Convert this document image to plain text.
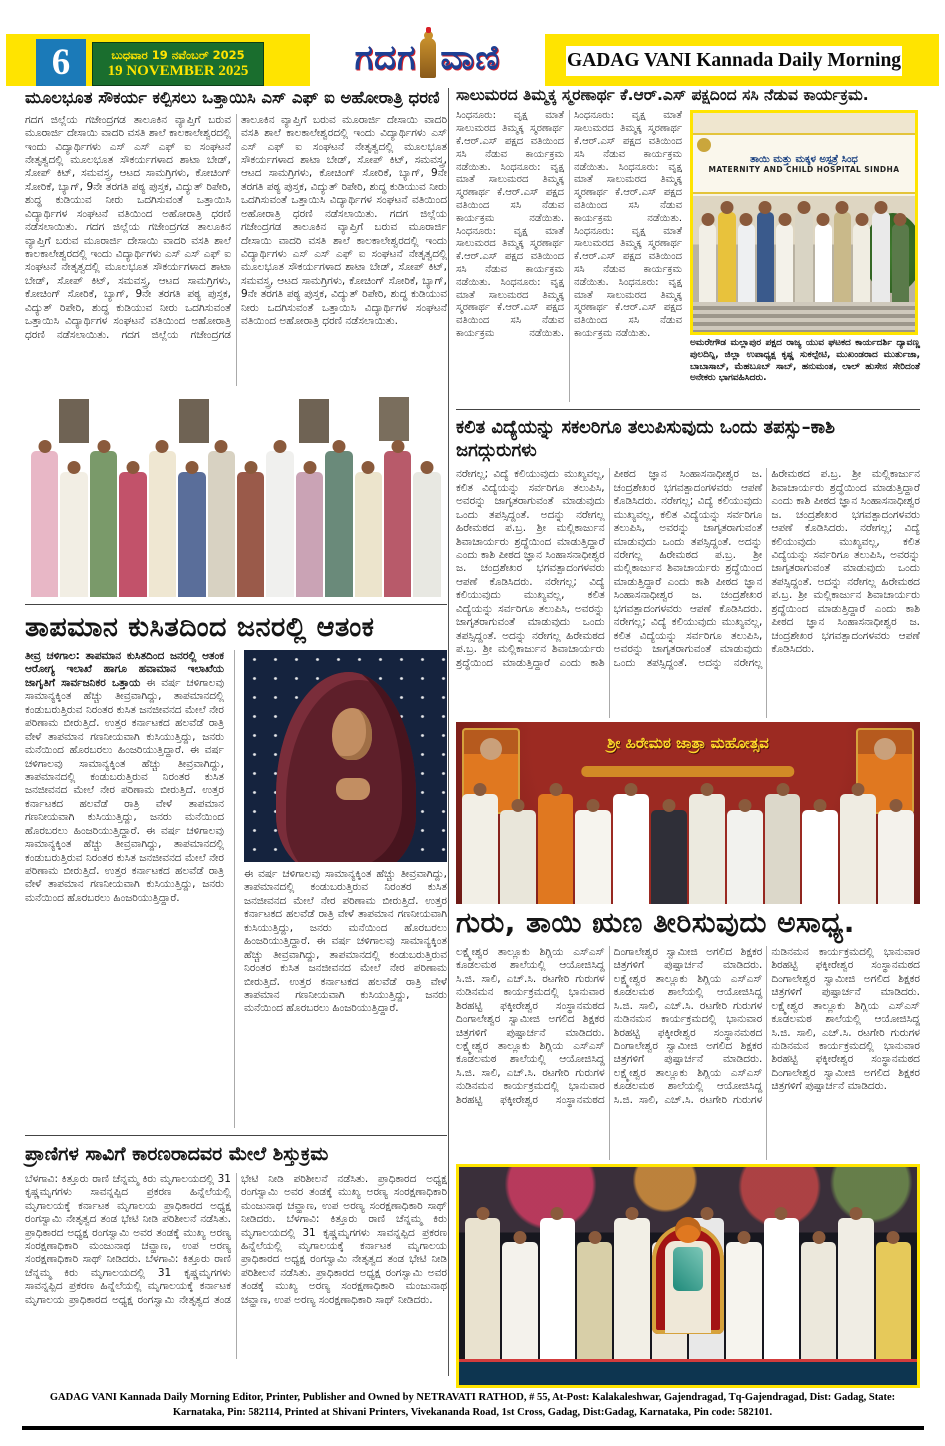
6	ಬುಧವಾರ 19 ನವೆಂಬರ್ 2025
19 NOVEMBER 2025	ಗದಗ ವಾಣಿ	GADAG VANI Kannada Daily Morning
ಮೂಲಭೂತ ಸೌಕರ್ಯ ಕಲ್ಪಿಸಲು ಒತ್ತಾಯಿಸಿ ಎಸ್ ಎಫ್ ಐ ಅಹೋರಾತ್ರಿ ಧರಣಿ
ಗದಗ ಜಿಲ್ಲೆಯ ಗಜೇಂದ್ರಗಡ ತಾಲೂಕಿನ ವ್ಯಾಪ್ತಿಗೆ ಬರುವ ಮೂರಾರ್ಜಿ ದೇಸಾಯಿ ವಾದರಿ ವಸತಿ ಶಾಲೆ ಕಾಲಕಾಲೇಶ್ವರದಲ್ಲಿ ಇಂದು ವಿದ್ಯಾರ್ಥಿಗಳು ಎಸ್ ಎಸ್ ಎಫ್ ಐ ಸಂಘಟನೆ ನೇತೃತ್ವದಲ್ಲಿ ಮೂಲಭೂತ ಸೌಕರ್ಯಗಳಾದ ಶಾಟಾ ಬೇಡ್, ಸೋಪ್ ಕಿಟ್, ಸಮವಸ್ತ್ರ, ಆಟದ ಸಾಮಗ್ರಿಗಳು, ಕೋಚಿಂಗ್ ಸೋರಿಕೆ, ಬ್ಯಾಗ್, 9ನೇ ತರಗತಿ ಪಠ್ಯ ಪುಸ್ತಕ, ವಿದ್ಯುತ್ ರಿಪೇರಿ, ಶುದ್ಧ ಕುಡಿಯುವ ನೀರು ಒದಗಿಸುವಂತೆ ಒತ್ತಾಯಿಸಿ ವಿದ್ಯಾರ್ಥಿಗಳ ಸಂಘಟನೆ ವತಿಯಿಂದ ಅಹೋರಾತ್ರಿ ಧರಣಿ ನಡೆಸಲಾಯಿತು. ಗದಗ ಜಿಲ್ಲೆಯ ಗಜೇಂದ್ರಗಡ ತಾಲೂಕಿನ ವ್ಯಾಪ್ತಿಗೆ ಬರುವ ಮೂರಾರ್ಜಿ ದೇಸಾಯಿ ವಾದರಿ ವಸತಿ ಶಾಲೆ ಕಾಲಕಾಲೇಶ್ವರದಲ್ಲಿ ಇಂದು ವಿದ್ಯಾರ್ಥಿಗಳು ಎಸ್ ಎಸ್ ಎಫ್ ಐ ಸಂಘಟನೆ ನೇತೃತ್ವದಲ್ಲಿ ಮೂಲಭೂತ ಸೌಕರ್ಯಗಳಾದ ಶಾಟಾ ಬೇಡ್, ಸೋಪ್ ಕಿಟ್, ಸಮವಸ್ತ್ರ, ಆಟದ ಸಾಮಗ್ರಿಗಳು, ಕೋಚಿಂಗ್ ಸೋರಿಕೆ, ಬ್ಯಾಗ್, 9ನೇ ತರಗತಿ ಪಠ್ಯ ಪುಸ್ತಕ, ವಿದ್ಯುತ್ ರಿಪೇರಿ, ಶುದ್ಧ ಕುಡಿಯುವ ನೀರು ಒದಗಿಸುವಂತೆ ಒತ್ತಾಯಿಸಿ ವಿದ್ಯಾರ್ಥಿಗಳ ಸಂಘಟನೆ ವತಿಯಿಂದ ಅಹೋರಾತ್ರಿ ಧರಣಿ ನಡೆಸಲಾಯಿತು. ಗದಗ ಜಿಲ್ಲೆಯ ಗಜೇಂದ್ರಗಡ ತಾಲೂಕಿನ ವ್ಯಾಪ್ತಿಗೆ ಬರುವ ಮೂರಾರ್ಜಿ ದೇಸಾಯಿ ವಾದರಿ ವಸತಿ ಶಾಲೆ ಕಾಲಕಾಲೇಶ್ವರದಲ್ಲಿ ಇಂದು ವಿದ್ಯಾರ್ಥಿಗಳು ಎಸ್ ಎಸ್ ಎಫ್ ಐ ಸಂಘಟನೆ ನೇತೃತ್ವದಲ್ಲಿ ಮೂಲಭೂತ ಸೌಕರ್ಯಗಳಾದ ಶಾಟಾ ಬೇಡ್, ಸೋಪ್ ಕಿಟ್, ಸಮವಸ್ತ್ರ, ಆಟದ ಸಾಮಗ್ರಿಗಳು, ಕೋಚಿಂಗ್ ಸೋರಿಕೆ, ಬ್ಯಾಗ್, 9ನೇ ತರಗತಿ ಪಠ್ಯ ಪುಸ್ತಕ, ವಿದ್ಯುತ್ ರಿಪೇರಿ, ಶುದ್ಧ ಕುಡಿಯುವ ನೀರು ಒದಗಿಸುವಂತೆ ಒತ್ತಾಯಿಸಿ ವಿದ್ಯಾರ್ಥಿಗಳ ಸಂಘಟನೆ ವತಿಯಿಂದ ಅಹೋರಾತ್ರಿ ಧರಣಿ ನಡೆಸಲಾಯಿತು. ಗದಗ ಜಿಲ್ಲೆಯ ಗಜೇಂದ್ರಗಡ ತಾಲೂಕಿನ ವ್ಯಾಪ್ತಿಗೆ ಬರುವ ಮೂರಾರ್ಜಿ ದೇಸಾಯಿ ವಾದರಿ ವಸತಿ ಶಾಲೆ ಕಾಲಕಾಲೇಶ್ವರದಲ್ಲಿ ಇಂದು ವಿದ್ಯಾರ್ಥಿಗಳು ಎಸ್ ಎಸ್ ಎಫ್ ಐ ಸಂಘಟನೆ ನೇತೃತ್ವದಲ್ಲಿ ಮೂಲಭೂತ ಸೌಕರ್ಯಗಳಾದ ಶಾಟಾ ಬೇಡ್, ಸೋಪ್ ಕಿಟ್, ಸಮವಸ್ತ್ರ, ಆಟದ ಸಾಮಗ್ರಿಗಳು, ಕೋಚಿಂಗ್ ಸೋರಿಕೆ, ಬ್ಯಾಗ್, 9ನೇ ತರಗತಿ ಪಠ್ಯ ಪುಸ್ತಕ, ವಿದ್ಯುತ್ ರಿಪೇರಿ, ಶುದ್ಧ ಕುಡಿಯುವ ನೀರು ಒದಗಿಸುವಂತೆ ಒತ್ತಾಯಿಸಿ ವಿದ್ಯಾರ್ಥಿಗಳ ಸಂಘಟನೆ ವತಿಯಿಂದ ಅಹೋರಾತ್ರಿ ಧರಣಿ ನಡೆಸಲಾಯಿತು.
ತಾಪಮಾನ ಕುಸಿತದಿಂದ ಜನರಲ್ಲಿ ಆತಂಕ
ತೀವ್ರ ಚಳಿಗಾಲ: ತಾಪಮಾನ ಕುಸಿತದಿಂದ ಜನರಲ್ಲಿ ಆತಂಕ ಆರೋಗ್ಯ ಇಲಾಖೆ ಹಾಗೂ ಹವಾಮಾನ ಇಲಾಖೆಯ ಜಾಗೃತಿಗೆ ಸಾರ್ವಜನಿಕರ ಒತ್ತಾಯ ಈ ವರ್ಷ ಚಳಿಗಾಲವು ಸಾಮಾನ್ಯಕ್ಕಿಂತ ಹೆಚ್ಚು ತೀವ್ರವಾಗಿದ್ದು, ತಾಪಮಾನದಲ್ಲಿ ಕಂಡುಬರುತ್ತಿರುವ ನಿರಂತರ ಕುಸಿತ ಜನಜೀವನದ ಮೇಲೆ ನೇರ ಪರಿಣಾಮ ಬೀರುತ್ತಿದೆ. ಉತ್ತರ ಕರ್ನಾಟಕದ ಹಲವೆಡೆ ರಾತ್ರಿ ವೇಳೆ ತಾಪಮಾನ ಗಣನೀಯವಾಗಿ ಕುಸಿಯುತ್ತಿದ್ದು, ಜನರು ಮನೆಯಿಂದ ಹೊರಬರಲು ಹಿಂಜರಿಯುತ್ತಿದ್ದಾರೆ. ಈ ವರ್ಷ ಚಳಿಗಾಲವು ಸಾಮಾನ್ಯಕ್ಕಿಂತ ಹೆಚ್ಚು ತೀವ್ರವಾಗಿದ್ದು, ತಾಪಮಾನದಲ್ಲಿ ಕಂಡುಬರುತ್ತಿರುವ ನಿರಂತರ ಕುಸಿತ ಜನಜೀವನದ ಮೇಲೆ ನೇರ ಪರಿಣಾಮ ಬೀರುತ್ತಿದೆ. ಉತ್ತರ ಕರ್ನಾಟಕದ ಹಲವೆಡೆ ರಾತ್ರಿ ವೇಳೆ ತಾಪಮಾನ ಗಣನೀಯವಾಗಿ ಕುಸಿಯುತ್ತಿದ್ದು, ಜನರು ಮನೆಯಿಂದ ಹೊರಬರಲು ಹಿಂಜರಿಯುತ್ತಿದ್ದಾರೆ. ಈ ವರ್ಷ ಚಳಿಗಾಲವು ಸಾಮಾನ್ಯಕ್ಕಿಂತ ಹೆಚ್ಚು ತೀವ್ರವಾಗಿದ್ದು, ತಾಪಮಾನದಲ್ಲಿ ಕಂಡುಬರುತ್ತಿರುವ ನಿರಂತರ ಕುಸಿತ ಜನಜೀವನದ ಮೇಲೆ ನೇರ ಪರಿಣಾಮ ಬೀರುತ್ತಿದೆ. ಉತ್ತರ ಕರ್ನಾಟಕದ ಹಲವೆಡೆ ರಾತ್ರಿ ವೇಳೆ ತಾಪಮಾನ ಗಣನೀಯವಾಗಿ ಕುಸಿಯುತ್ತಿದ್ದು, ಜನರು ಮನೆಯಿಂದ ಹೊರಬರಲು ಹಿಂಜರಿಯುತ್ತಿದ್ದಾರೆ.
ಈ ವರ್ಷ ಚಳಿಗಾಲವು ಸಾಮಾನ್ಯಕ್ಕಿಂತ ಹೆಚ್ಚು ತೀವ್ರವಾಗಿದ್ದು, ತಾಪಮಾನದಲ್ಲಿ ಕಂಡುಬರುತ್ತಿರುವ ನಿರಂತರ ಕುಸಿತ ಜನಜೀವನದ ಮೇಲೆ ನೇರ ಪರಿಣಾಮ ಬೀರುತ್ತಿದೆ. ಉತ್ತರ ಕರ್ನಾಟಕದ ಹಲವೆಡೆ ರಾತ್ರಿ ವೇಳೆ ತಾಪಮಾನ ಗಣನೀಯವಾಗಿ ಕುಸಿಯುತ್ತಿದ್ದು, ಜನರು ಮನೆಯಿಂದ ಹೊರಬರಲು ಹಿಂಜರಿಯುತ್ತಿದ್ದಾರೆ. ಈ ವರ್ಷ ಚಳಿಗಾಲವು ಸಾಮಾನ್ಯಕ್ಕಿಂತ ಹೆಚ್ಚು ತೀವ್ರವಾಗಿದ್ದು, ತಾಪಮಾನದಲ್ಲಿ ಕಂಡುಬರುತ್ತಿರುವ ನಿರಂತರ ಕುಸಿತ ಜನಜೀವನದ ಮೇಲೆ ನೇರ ಪರಿಣಾಮ ಬೀರುತ್ತಿದೆ. ಉತ್ತರ ಕರ್ನಾಟಕದ ಹಲವೆಡೆ ರಾತ್ರಿ ವೇಳೆ ತಾಪಮಾನ ಗಣನೀಯವಾಗಿ ಕುಸಿಯುತ್ತಿದ್ದು, ಜನರು ಮನೆಯಿಂದ ಹೊರಬರಲು ಹಿಂಜರಿಯುತ್ತಿದ್ದಾರೆ.
ಪ್ರಾಣಿಗಳ ಸಾವಿಗೆ ಕಾರಣರಾದವರ ಮೇಲೆ ಶಿಸ್ತುಕ್ರಮ
ಬೆಳಗಾವಿ: ಕಿತ್ತೂರು ರಾಣಿ ಚೆನ್ನಮ್ಮ ಕಿರು ಮೃಗಾಲಯದಲ್ಲಿ 31 ಕೃಷ್ಣಮೃಗಗಳು ಸಾವನ್ನಪ್ಪಿದ ಪ್ರಕರಣ ಹಿನ್ನೆಲೆಯಲ್ಲಿ ಮೃಗಾಲಯಕ್ಕೆ ಕರ್ನಾಟಕ ಮೃಗಾಲಯ ಪ್ರಾಧಿಕಾರದ ಅಧ್ಯಕ್ಷ ರಂಗಸ್ವಾಮಿ ನೇತೃತ್ವದ ತಂಡ ಭೇಟಿ ನೀಡಿ ಪರಿಶೀಲನೆ ನಡೆಸಿತು. ಪ್ರಾಧಿಕಾರದ ಅಧ್ಯಕ್ಷ ರಂಗಸ್ವಾಮಿ ಅವರ ತಂಡಕ್ಕೆ ಮುಖ್ಯ ಅರಣ್ಯ ಸಂರಕ್ಷಣಾಧಿಕಾರಿ ಮಂಜುನಾಥ ಚವ್ಹಾಣ, ಉಪ ಅರಣ್ಯ ಸಂರಕ್ಷಣಾಧಿಕಾರಿ ಸಾಥ್ ನೀಡಿದರು. ಬೆಳಗಾವಿ: ಕಿತ್ತೂರು ರಾಣಿ ಚೆನ್ನಮ್ಮ ಕಿರು ಮೃಗಾಲಯದಲ್ಲಿ 31 ಕೃಷ್ಣಮೃಗಗಳು ಸಾವನ್ನಪ್ಪಿದ ಪ್ರಕರಣ ಹಿನ್ನೆಲೆಯಲ್ಲಿ ಮೃಗಾಲಯಕ್ಕೆ ಕರ್ನಾಟಕ ಮೃಗಾಲಯ ಪ್ರಾಧಿಕಾರದ ಅಧ್ಯಕ್ಷ ರಂಗಸ್ವಾಮಿ ನೇತೃತ್ವದ ತಂಡ ಭೇಟಿ ನೀಡಿ ಪರಿಶೀಲನೆ ನಡೆಸಿತು. ಪ್ರಾಧಿಕಾರದ ಅಧ್ಯಕ್ಷ ರಂಗಸ್ವಾಮಿ ಅವರ ತಂಡಕ್ಕೆ ಮುಖ್ಯ ಅರಣ್ಯ ಸಂರಕ್ಷಣಾಧಿಕಾರಿ ಮಂಜುನಾಥ ಚವ್ಹಾಣ, ಉಪ ಅರಣ್ಯ ಸಂರಕ್ಷಣಾಧಿಕಾರಿ ಸಾಥ್ ನೀಡಿದರು. ಬೆಳಗಾವಿ: ಕಿತ್ತೂರು ರಾಣಿ ಚೆನ್ನಮ್ಮ ಕಿರು ಮೃಗಾಲಯದಲ್ಲಿ 31 ಕೃಷ್ಣಮೃಗಗಳು ಸಾವನ್ನಪ್ಪಿದ ಪ್ರಕರಣ ಹಿನ್ನೆಲೆಯಲ್ಲಿ ಮೃಗಾಲಯಕ್ಕೆ ಕರ್ನಾಟಕ ಮೃಗಾಲಯ ಪ್ರಾಧಿಕಾರದ ಅಧ್ಯಕ್ಷ ರಂಗಸ್ವಾಮಿ ನೇತೃತ್ವದ ತಂಡ ಭೇಟಿ ನೀಡಿ ಪರಿಶೀಲನೆ ನಡೆಸಿತು. ಪ್ರಾಧಿಕಾರದ ಅಧ್ಯಕ್ಷ ರಂಗಸ್ವಾಮಿ ಅವರ ತಂಡಕ್ಕೆ ಮುಖ್ಯ ಅರಣ್ಯ ಸಂರಕ್ಷಣಾಧಿಕಾರಿ ಮಂಜುನಾಥ ಚವ್ಹಾಣ, ಉಪ ಅರಣ್ಯ ಸಂರಕ್ಷಣಾಧಿಕಾರಿ ಸಾಥ್ ನೀಡಿದರು.
ಸಾಲುಮರದ ತಿಮ್ಮಕ್ಕ ಸ್ಮರಣಾರ್ಥ ಕೆ.ಆರ್.ಎಸ್ ಪಕ್ಷದಿಂದ ಸಸಿ ನೆಡುವ ಕಾರ್ಯಕ್ರಮ.
ಸಿಂಧನೂರು: ವೃಕ್ಷ ಮಾತೆ ಸಾಲುಮರದ ತಿಮ್ಮಕ್ಕ ಸ್ಮರಣಾರ್ಥ ಕೆ.ಆರ್.ಎಸ್ ಪಕ್ಷದ ವತಿಯಿಂದ ಸಸಿ ನೆಡುವ ಕಾರ್ಯಕ್ರಮ ನಡೆಯಿತು. ಸಿಂಧನೂರು: ವೃಕ್ಷ ಮಾತೆ ಸಾಲುಮರದ ತಿಮ್ಮಕ್ಕ ಸ್ಮರಣಾರ್ಥ ಕೆ.ಆರ್.ಎಸ್ ಪಕ್ಷದ ವತಿಯಿಂದ ಸಸಿ ನೆಡುವ ಕಾರ್ಯಕ್ರಮ ನಡೆಯಿತು. ಸಿಂಧನೂರು: ವೃಕ್ಷ ಮಾತೆ ಸಾಲುಮರದ ತಿಮ್ಮಕ್ಕ ಸ್ಮರಣಾರ್ಥ ಕೆ.ಆರ್.ಎಸ್ ಪಕ್ಷದ ವತಿಯಿಂದ ಸಸಿ ನೆಡುವ ಕಾರ್ಯಕ್ರಮ ನಡೆಯಿತು. ಸಿಂಧನೂರು: ವೃಕ್ಷ ಮಾತೆ ಸಾಲುಮರದ ತಿಮ್ಮಕ್ಕ ಸ್ಮರಣಾರ್ಥ ಕೆ.ಆರ್.ಎಸ್ ಪಕ್ಷದ ವತಿಯಿಂದ ಸಸಿ ನೆಡುವ ಕಾರ್ಯಕ್ರಮ ನಡೆಯಿತು. ಸಿಂಧನೂರು: ವೃಕ್ಷ ಮಾತೆ ಸಾಲುಮರದ ತಿಮ್ಮಕ್ಕ ಸ್ಮರಣಾರ್ಥ ಕೆ.ಆರ್.ಎಸ್ ಪಕ್ಷದ ವತಿಯಿಂದ ಸಸಿ ನೆಡುವ ಕಾರ್ಯಕ್ರಮ ನಡೆಯಿತು. ಸಿಂಧನೂರು: ವೃಕ್ಷ ಮಾತೆ ಸಾಲುಮರದ ತಿಮ್ಮಕ್ಕ ಸ್ಮರಣಾರ್ಥ ಕೆ.ಆರ್.ಎಸ್ ಪಕ್ಷದ ವತಿಯಿಂದ ಸಸಿ ನೆಡುವ ಕಾರ್ಯಕ್ರಮ ನಡೆಯಿತು. ಸಿಂಧನೂರು: ವೃಕ್ಷ ಮಾತೆ ಸಾಲುಮರದ ತಿಮ್ಮಕ್ಕ ಸ್ಮರಣಾರ್ಥ ಕೆ.ಆರ್.ಎಸ್ ಪಕ್ಷದ ವತಿಯಿಂದ ಸಸಿ ನೆಡುವ ಕಾರ್ಯಕ್ರಮ ನಡೆಯಿತು. ಸಿಂಧನೂರು: ವೃಕ್ಷ ಮಾತೆ ಸಾಲುಮರದ ತಿಮ್ಮಕ್ಕ ಸ್ಮರಣಾರ್ಥ ಕೆ.ಆರ್.ಎಸ್ ಪಕ್ಷದ ವತಿಯಿಂದ ಸಸಿ ನೆಡುವ ಕಾರ್ಯಕ್ರಮ ನಡೆಯಿತು.
ತಾಯಿ ಮತ್ತು ಮಕ್ಕಳ ಅಸ್ಪತ್ರೆ ಸಿಂಧ
MATERNITY AND CHILD HOSPITAL SINDHA
ಅಮರೇಗೌಡ ಮಲ್ಲಾಪುರ ಪಕ್ಷದ ರಾಜ್ಯ ಯುವ ಘಟಕದ ಕಾರ್ಯದರ್ಶಿ ದ್ಯಾವಣ್ಣ ಪುಲದಿನ್ನಿ, ಜಿಲ್ಲಾ ಉಪಾಧ್ಯಕ್ಷ ಕೃಷ್ಣ ಸುಕಲ್ಪೇಟಿ, ಮುಖಂಡರಾದ ಮುರ್ತುಜಾ, ಬಾಬಾಸಾಬ್, ಮೆಹಬೂಬ್ ಸಾಬ್, ಹನುಮಂತ, ಲಾಲ್ ಹುಸೇನ ಸೇರಿದಂತೆ ಅನೇಕರು ಭಾಗವಹಿಸಿದರು.
ಕಲಿತ ವಿದ್ಯೆಯನ್ನು ಸಕಲರಿಗೂ ತಲುಪಿಸುವುದು ಒಂದು ತಪಸ್ಸು–ಕಾಶಿ ಜಗದ್ಗುರುಗಳು
ನರೇಗಲ್ಲ; ವಿದ್ಯೆ ಕಲಿಯುವುದು ಮುಖ್ಯವಲ್ಲ, ಕಲಿತ ವಿದ್ಯೆಯನ್ನು ಸರ್ವರಿಗೂ ತಲುಪಿಸಿ, ಅವರನ್ನು ಜಾಗೃತರಾಗುವಂತೆ ಮಾಡುವುದು ಒಂದು ತಪಸ್ಸಿದ್ದಂತೆ. ಅದನ್ನು ನರೇಗಲ್ಲ ಹಿರೇಮಠದ ಪ.ಬ್ರ. ಶ್ರೀ ಮಲ್ಲಿಕಾರ್ಜುನ ಶಿವಾಚಾರ್ಯರು ಶ್ರದ್ಧೆಯಿಂದ ಮಾಡುತ್ತಿದ್ದಾರೆ ಎಂದು ಕಾಶಿ ಪೀಠದ ಜ್ಞಾನ ಸಿಂಹಾಸನಾಧೀಶ್ವರ ಜ. ಚಂದ್ರಶೇಖರ ಭಗವತ್ಪಾದಂಗಳವರು ಆಪಣೆ ಕೊಡಿಸಿದರು. ನರೇಗಲ್ಲ; ವಿದ್ಯೆ ಕಲಿಯುವುದು ಮುಖ್ಯವಲ್ಲ, ಕಲಿತ ವಿದ್ಯೆಯನ್ನು ಸರ್ವರಿಗೂ ತಲುಪಿಸಿ, ಅವರನ್ನು ಜಾಗೃತರಾಗುವಂತೆ ಮಾಡುವುದು ಒಂದು ತಪಸ್ಸಿದ್ದಂತೆ. ಅದನ್ನು ನರೇಗಲ್ಲ ಹಿರೇಮಠದ ಪ.ಬ್ರ. ಶ್ರೀ ಮಲ್ಲಿಕಾರ್ಜುನ ಶಿವಾಚಾರ್ಯರು ಶ್ರದ್ಧೆಯಿಂದ ಮಾಡುತ್ತಿದ್ದಾರೆ ಎಂದು ಕಾಶಿ ಪೀಠದ ಜ್ಞಾನ ಸಿಂಹಾಸನಾಧೀಶ್ವರ ಜ. ಚಂದ್ರಶೇಖರ ಭಗವತ್ಪಾದಂಗಳವರು ಆಪಣೆ ಕೊಡಿಸಿದರು. ನರೇಗಲ್ಲ; ವಿದ್ಯೆ ಕಲಿಯುವುದು ಮುಖ್ಯವಲ್ಲ, ಕಲಿತ ವಿದ್ಯೆಯನ್ನು ಸರ್ವರಿಗೂ ತಲುಪಿಸಿ, ಅವರನ್ನು ಜಾಗೃತರಾಗುವಂತೆ ಮಾಡುವುದು ಒಂದು ತಪಸ್ಸಿದ್ದಂತೆ. ಅದನ್ನು ನರೇಗಲ್ಲ ಹಿರೇಮಠದ ಪ.ಬ್ರ. ಶ್ರೀ ಮಲ್ಲಿಕಾರ್ಜುನ ಶಿವಾಚಾರ್ಯರು ಶ್ರದ್ಧೆಯಿಂದ ಮಾಡುತ್ತಿದ್ದಾರೆ ಎಂದು ಕಾಶಿ ಪೀಠದ ಜ್ಞಾನ ಸಿಂಹಾಸನಾಧೀಶ್ವರ ಜ. ಚಂದ್ರಶೇಖರ ಭಗವತ್ಪಾದಂಗಳವರು ಆಪಣೆ ಕೊಡಿಸಿದರು. ನರೇಗಲ್ಲ; ವಿದ್ಯೆ ಕಲಿಯುವುದು ಮುಖ್ಯವಲ್ಲ, ಕಲಿತ ವಿದ್ಯೆಯನ್ನು ಸರ್ವರಿಗೂ ತಲುಪಿಸಿ, ಅವರನ್ನು ಜಾಗೃತರಾಗುವಂತೆ ಮಾಡುವುದು ಒಂದು ತಪಸ್ಸಿದ್ದಂತೆ. ಅದನ್ನು ನರೇಗಲ್ಲ ಹಿರೇಮಠದ ಪ.ಬ್ರ. ಶ್ರೀ ಮಲ್ಲಿಕಾರ್ಜುನ ಶಿವಾಚಾರ್ಯರು ಶ್ರದ್ಧೆಯಿಂದ ಮಾಡುತ್ತಿದ್ದಾರೆ ಎಂದು ಕಾಶಿ ಪೀಠದ ಜ್ಞಾನ ಸಿಂಹಾಸನಾಧೀಶ್ವರ ಜ. ಚಂದ್ರಶೇಖರ ಭಗವತ್ಪಾದಂಗಳವರು ಆಪಣೆ ಕೊಡಿಸಿದರು. ನರೇಗಲ್ಲ; ವಿದ್ಯೆ ಕಲಿಯುವುದು ಮುಖ್ಯವಲ್ಲ, ಕಲಿತ ವಿದ್ಯೆಯನ್ನು ಸರ್ವರಿಗೂ ತಲುಪಿಸಿ, ಅವರನ್ನು ಜಾಗೃತರಾಗುವಂತೆ ಮಾಡುವುದು ಒಂದು ತಪಸ್ಸಿದ್ದಂತೆ. ಅದನ್ನು ನರೇಗಲ್ಲ ಹಿರೇಮಠದ ಪ.ಬ್ರ. ಶ್ರೀ ಮಲ್ಲಿಕಾರ್ಜುನ ಶಿವಾಚಾರ್ಯರು ಶ್ರದ್ಧೆಯಿಂದ ಮಾಡುತ್ತಿದ್ದಾರೆ ಎಂದು ಕಾಶಿ ಪೀಠದ ಜ್ಞಾನ ಸಿಂಹಾಸನಾಧೀಶ್ವರ ಜ. ಚಂದ್ರಶೇಖರ ಭಗವತ್ಪಾದಂಗಳವರು ಆಪಣೆ ಕೊಡಿಸಿದರು.
ಶ್ರೀ ಹಿರೇಮಠ ಜಾತ್ರಾ ಮಹೋತ್ಸವ
ಗುರು, ತಾಯಿ ಋಣ ತೀರಿಸುವುದು ಅಸಾಧ್ಯ.
ಲಕ್ಷ್ಮೇಶ್ವರ ತಾಲ್ಲೂಕು ಶಿಗ್ಲಿಯ ಎಸ್‌ಎಸ್ ಕೂಡಲಮಠ ಶಾಲೆಯಲ್ಲಿ ಆಯೋಜಿಸಿದ್ದ ಸಿ.ಜಿ. ಸಾಲಿ, ಎಚ್.ಸಿ. ರಟಗೇರಿ ಗುರುಗಳ ನುಡಿನಮನ ಕಾರ್ಯಕ್ರಮದಲ್ಲಿ ಭಾನುವಾರ ಶಿರಹಟ್ಟಿ ಫಕ್ಕೀರೇಶ್ವರ ಸಂಸ್ಥಾನಮಠದ ದಿಂಗಾಲೇಶ್ವರ ಸ್ವಾಮೀಜಿ ಅಗಲಿದ ಶಿಕ್ಷಕರ ಚಿತ್ರಗಳಿಗೆ ಪುಷ್ಪಾರ್ಚನೆ ಮಾಡಿದರು. ಲಕ್ಷ್ಮೇಶ್ವರ ತಾಲ್ಲೂಕು ಶಿಗ್ಲಿಯ ಎಸ್‌ಎಸ್ ಕೂಡಲಮಠ ಶಾಲೆಯಲ್ಲಿ ಆಯೋಜಿಸಿದ್ದ ಸಿ.ಜಿ. ಸಾಲಿ, ಎಚ್.ಸಿ. ರಟಗೇರಿ ಗುರುಗಳ ನುಡಿನಮನ ಕಾರ್ಯಕ್ರಮದಲ್ಲಿ ಭಾನುವಾರ ಶಿರಹಟ್ಟಿ ಫಕ್ಕೀರೇಶ್ವರ ಸಂಸ್ಥಾನಮಠದ ದಿಂಗಾಲೇಶ್ವರ ಸ್ವಾಮೀಜಿ ಅಗಲಿದ ಶಿಕ್ಷಕರ ಚಿತ್ರಗಳಿಗೆ ಪುಷ್ಪಾರ್ಚನೆ ಮಾಡಿದರು. ಲಕ್ಷ್ಮೇಶ್ವರ ತಾಲ್ಲೂಕು ಶಿಗ್ಲಿಯ ಎಸ್‌ಎಸ್ ಕೂಡಲಮಠ ಶಾಲೆಯಲ್ಲಿ ಆಯೋಜಿಸಿದ್ದ ಸಿ.ಜಿ. ಸಾಲಿ, ಎಚ್.ಸಿ. ರಟಗೇರಿ ಗುರುಗಳ ನುಡಿನಮನ ಕಾರ್ಯಕ್ರಮದಲ್ಲಿ ಭಾನುವಾರ ಶಿರಹಟ್ಟಿ ಫಕ್ಕೀರೇಶ್ವರ ಸಂಸ್ಥಾನಮಠದ ದಿಂಗಾಲೇಶ್ವರ ಸ್ವಾಮೀಜಿ ಅಗಲಿದ ಶಿಕ್ಷಕರ ಚಿತ್ರಗಳಿಗೆ ಪುಷ್ಪಾರ್ಚನೆ ಮಾಡಿದರು. ಲಕ್ಷ್ಮೇಶ್ವರ ತಾಲ್ಲೂಕು ಶಿಗ್ಲಿಯ ಎಸ್‌ಎಸ್ ಕೂಡಲಮಠ ಶಾಲೆಯಲ್ಲಿ ಆಯೋಜಿಸಿದ್ದ ಸಿ.ಜಿ. ಸಾಲಿ, ಎಚ್.ಸಿ. ರಟಗೇರಿ ಗುರುಗಳ ನುಡಿನಮನ ಕಾರ್ಯಕ್ರಮದಲ್ಲಿ ಭಾನುವಾರ ಶಿರಹಟ್ಟಿ ಫಕ್ಕೀರೇಶ್ವರ ಸಂಸ್ಥಾನಮಠದ ದಿಂಗಾಲೇಶ್ವರ ಸ್ವಾಮೀಜಿ ಅಗಲಿದ ಶಿಕ್ಷಕರ ಚಿತ್ರಗಳಿಗೆ ಪುಷ್ಪಾರ್ಚನೆ ಮಾಡಿದರು. ಲಕ್ಷ್ಮೇಶ್ವರ ತಾಲ್ಲೂಕು ಶಿಗ್ಲಿಯ ಎಸ್‌ಎಸ್ ಕೂಡಲಮಠ ಶಾಲೆಯಲ್ಲಿ ಆಯೋಜಿಸಿದ್ದ ಸಿ.ಜಿ. ಸಾಲಿ, ಎಚ್.ಸಿ. ರಟಗೇರಿ ಗುರುಗಳ ನುಡಿನಮನ ಕಾರ್ಯಕ್ರಮದಲ್ಲಿ ಭಾನುವಾರ ಶಿರಹಟ್ಟಿ ಫಕ್ಕೀರೇಶ್ವರ ಸಂಸ್ಥಾನಮಠದ ದಿಂಗಾಲೇಶ್ವರ ಸ್ವಾಮೀಜಿ ಅಗಲಿದ ಶಿಕ್ಷಕರ ಚಿತ್ರಗಳಿಗೆ ಪುಷ್ಪಾರ್ಚನೆ ಮಾಡಿದರು.
GADAG VANI Kannada Daily Morning Editor, Printer, Publisher and Owned by NETRAVATI RATHOD, # 55, At-Post: Kalakaleshwar, Gajendragad, Tq-Gajendragad, Dist: Gadag, State:
Karnataka, Pin: 582114, Printed at Shivani Printers, Vivekananda Road, 1st Cross, Gadag, Dist:Gadag, Karnataka, Pin code: 582101.
